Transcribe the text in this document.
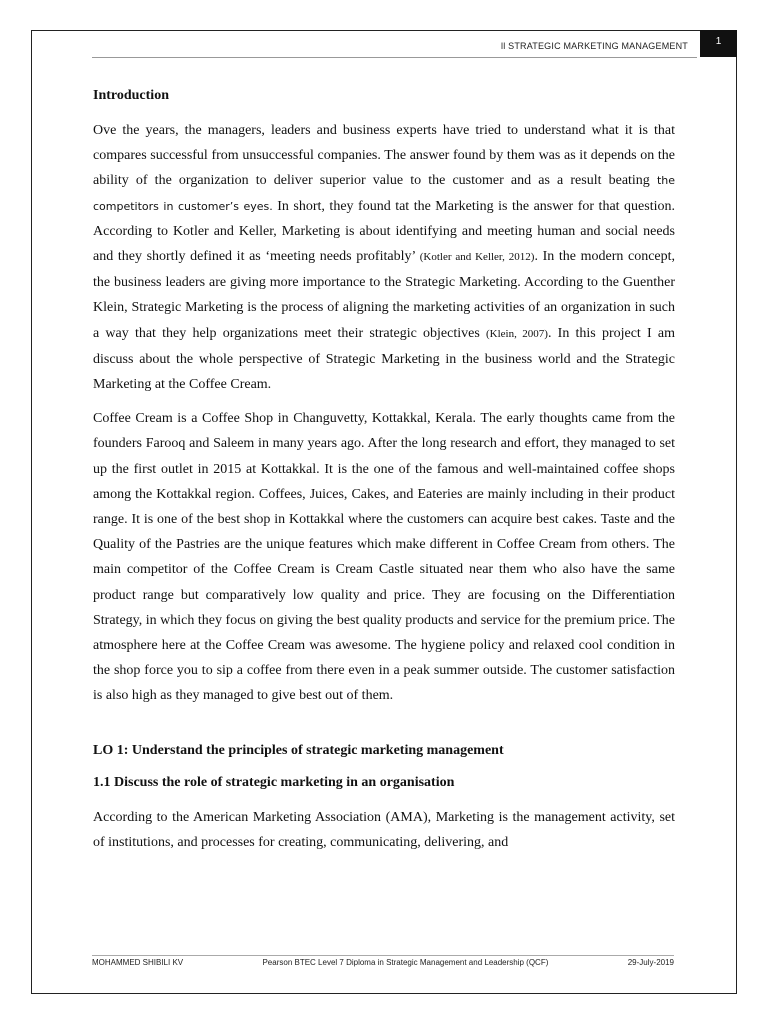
ll STRATEGIC MARKETING MANAGEMENT	1
Introduction

Ove the years, the managers, leaders and business experts have tried to understand what it is that compares successful from unsuccessful companies. The answer found by them was as it depends on the ability of the organization to deliver superior value to the customer and as a result beating the competitors in customer’s eyes. In short, they found tat the Marketing is the answer for that question. According to Kotler and Keller, Marketing is about identifying and meeting human and social needs and they shortly defined it as ‘meeting needs profitably’ (Kotler and Keller, 2012). In the modern concept, the business leaders are giving more importance to the Strategic Marketing. According to the Guenther Klein, Strategic Marketing is the process of aligning the marketing activities of an organization in such a way that they help organizations meet their strategic objectives (Klein, 2007). In this project I am discuss about the whole perspective of Strategic Marketing in the business world and the Strategic Marketing at the Coffee Cream.

Coffee Cream is a Coffee Shop in Changuvetty, Kottakkal, Kerala. The early thoughts came from the founders Farooq and Saleem in many years ago. After the long research and effort, they managed to set up the first outlet in 2015 at Kottakkal. It is the one of the famous and well-maintained coffee shops among the Kottakkal region. Coffees, Juices, Cakes, and Eateries are mainly including in their product range. It is one of the best shop in Kottakkal where the customers can acquire best cakes. Taste and the Quality of the Pastries are the unique features which make different in Coffee Cream from others. The main competitor of the Coffee Cream is Cream Castle situated near them who also have the same product range but comparatively low quality and price. They are focusing on the Differentiation Strategy, in which they focus on giving the best quality products and service for the premium price. The atmosphere here at the Coffee Cream was awesome. The hygiene policy and relaxed cool condition in the shop force you to sip a coffee from there even in a peak summer outside. The customer satisfaction is also high as they managed to give best out of them.

LO 1: Understand the principles of strategic marketing management
1.1 Discuss the role of strategic marketing in an organisation

According to the American Marketing Association (AMA), Marketing is the management activity, set of institutions, and processes for creating, communicating, delivering, and

MOHAMMED SHIBILI KV	Pearson BTEC Level 7 Diploma in Strategic Management and Leadership (QCF)	29-July-2019
